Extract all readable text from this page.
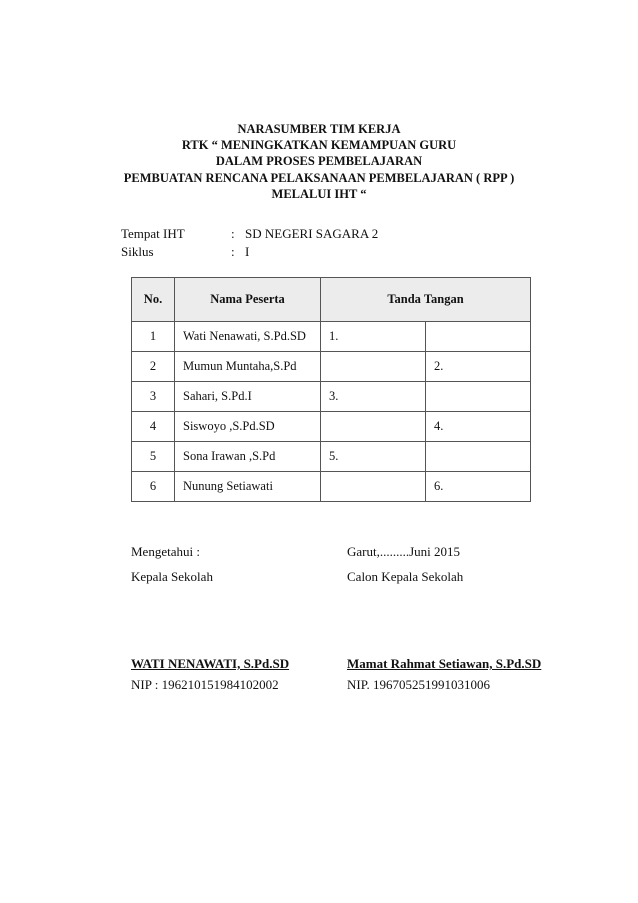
NARASUMBER TIM KERJA
RTK “ MENINGKATKAN KEMAMPUAN GURU
DALAM PROSES PEMBELAJARAN
PEMBUATAN RENCANA PELAKSANAAN PEMBELAJARAN ( RPP )
MELALUI IHT “
Tempat IHT	: SD NEGERI SAGARA 2
Siklus	: I
No.	Nama Peserta	Tanda Tangan	
1	Wati Nenawati, S.Pd.SD	1.	
2	Mumun Muntaha,S.Pd		2.
3	Sahari, S.Pd.I	3.	
4	Siswoyo ,S.Pd.SD		4.
5	Sona Irawan ,S.Pd	5.	
6	Nunung Setiawati		6.
Mengetahui :
Kepala Sekolah
WATI NENAWATI, S.Pd.SD
NIP : 196210151984102002
Garut,.........Juni 2015
Calon Kepala Sekolah
Mamat Rahmat Setiawan, S.Pd.SD
NIP. 196705251991031006
